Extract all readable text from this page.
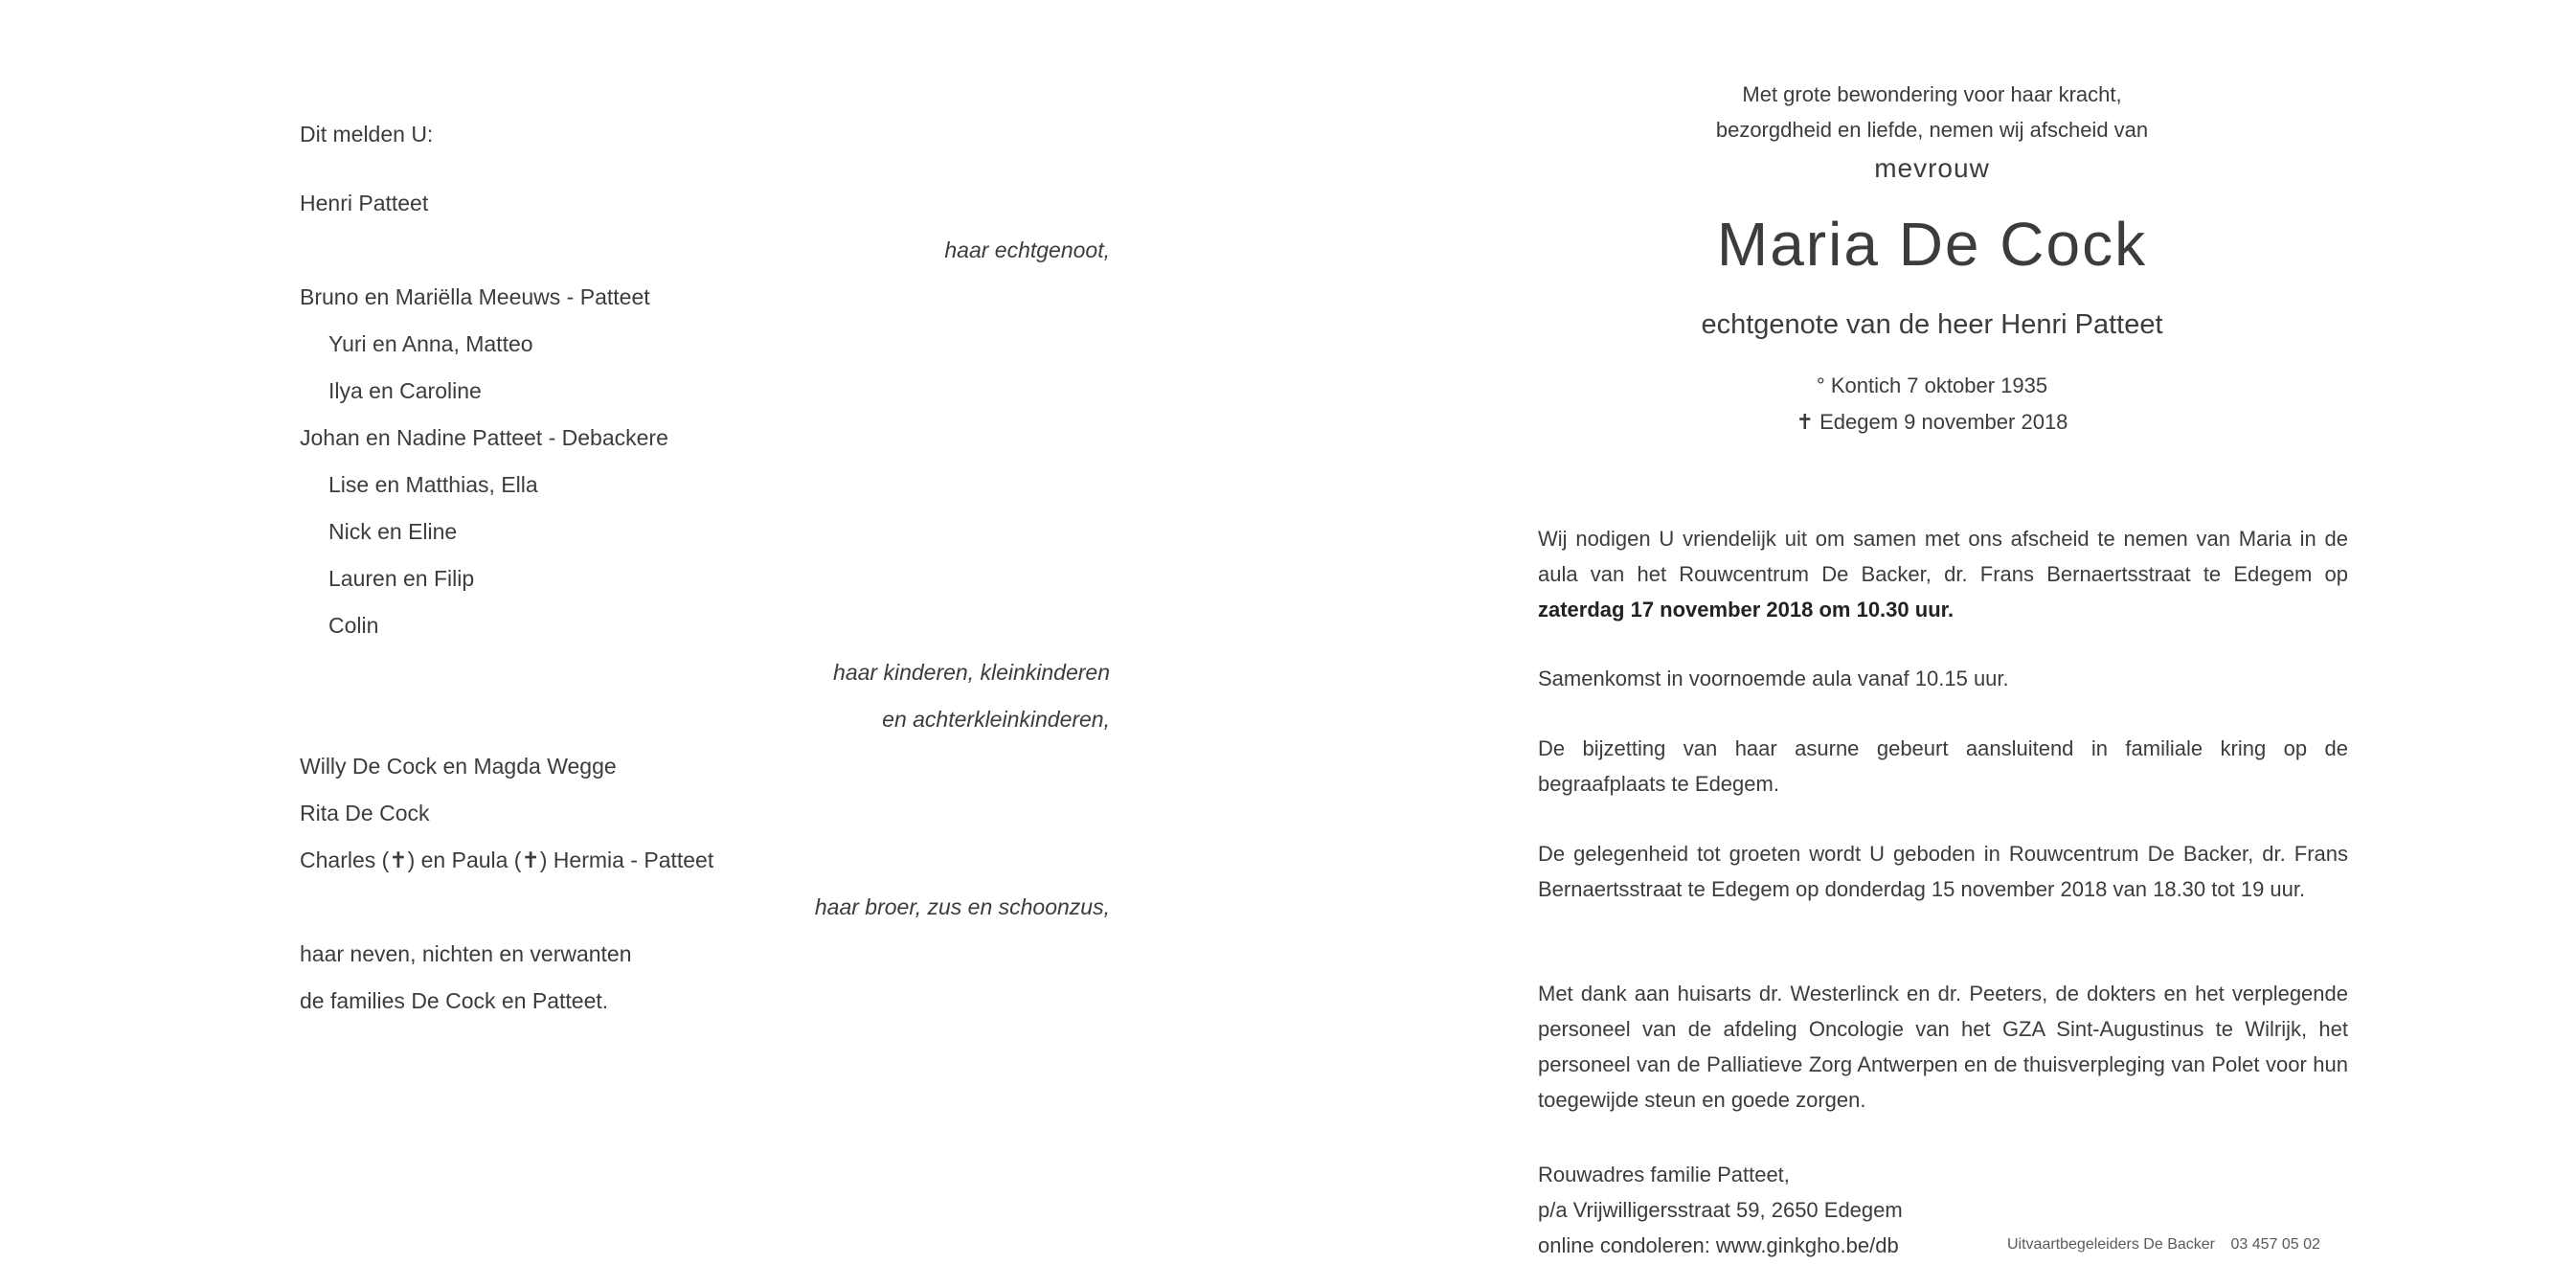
Dit melden U:
Henri Patteet
haar echtgenoot,
Bruno en Mariëlla Meeuws - Patteet
Yuri en Anna, Matteo
Ilya en Caroline
Johan en Nadine Patteet - Debackere
Lise en Matthias, Ella
Nick en Eline
Lauren en Filip
Colin
haar kinderen, kleinkinderen
en achterkleinkinderen,
Willy De Cock en Magda Wegge
Rita De Cock
Charles (✝) en Paula (✝) Hermia - Patteet
haar broer, zus en schoonzus,
haar neven, nichten en verwanten
de families De Cock en Patteet.
Met grote bewondering voor haar kracht,
bezorgdheid en liefde, nemen wij afscheid van
mevrouw
Maria De Cock
echtgenote van de heer Henri Patteet
° Kontich 7 oktober 1935
✝ Edegem 9 november 2018

Wij nodigen U vriendelijk uit om samen met ons afscheid te nemen van Maria in de aula van het Rouwcentrum De Backer, dr. Frans Bernaertsstraat te Edegem op zaterdag 17 november 2018 om 10.30 uur.

Samenkomst in voornoemde aula vanaf 10.15 uur.

De bijzetting van haar asurne gebeurt aansluitend in familiale kring op de begraafplaats te Edegem.

De gelegenheid tot groeten wordt U geboden in Rouwcentrum De Backer, dr. Frans Bernaertsstraat te Edegem op donderdag 15 november 2018 van 18.30 tot 19 uur.

Met dank aan huisarts dr. Westerlinck en dr. Peeters, de dokters en het verplegende personeel van de afdeling Oncologie van het GZA Sint-Augustinus te Wilrijk, het personeel van de Palliatieve Zorg Antwerpen en de thuisverpleging van Polet voor hun toegewijde steun en goede zorgen.

Rouwadres familie Patteet,
p/a Vrijwilligersstraat 59, 2650 Edegem
online condoleren: www.ginkgho.be/db	Uitvaartbegeleiders De Backer 03 457 05 02
